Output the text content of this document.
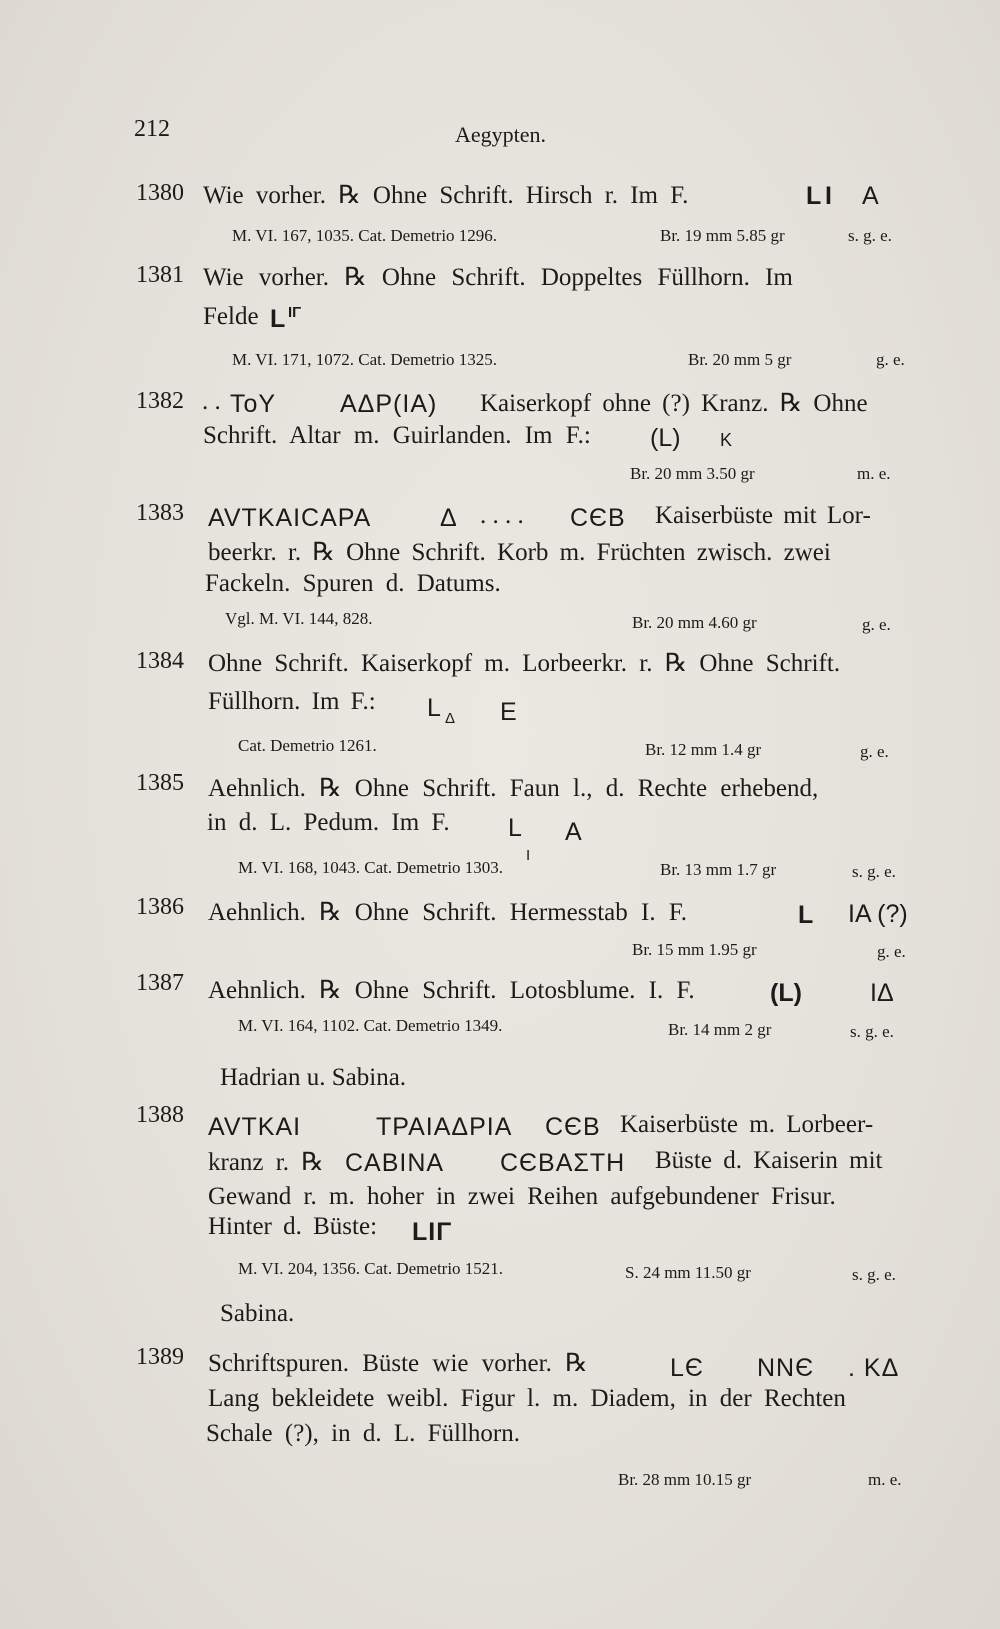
212	Aegypten.
1380 Wie vorher. ℞ Ohne Schrift. Hirsch r. Im F.	L I A
M. VI. 167, 1035. Cat. Demetrio 1296.	Br. 19 mm 5.85 gr	s. g. e.
1381 Wie vorher. ℞ Ohne Schrift. Doppeltes Füllhorn. Im
Felde L IΓ
M. VI. 171, 1072. Cat. Demetrio 1325.	Br. 20 mm 5 gr	g. e.
1382 . . ToY	AΔP(IA) Kaiserkopf ohne (?) Kranz. ℞ Ohne
Schrift. Altar m. Guirlanden. Im F.: (L) K
Br. 20 mm 3.50 gr	m. e.
1383 AVTKAICAPA	Δ . . . . CЄB Kaiserbüste mit Lor-
beerkr. r. ℞ Ohne Schrift. Korb m. Früchten zwisch. zwei
Fackeln. Spuren d. Datums.
Vgl. M. VI. 144, 828.	Br. 20 mm 4.60 gr	g. e.
1384 Ohne Schrift. Kaiserkopf m. Lorbeerkr. r. ℞ Ohne Schrift.
Füllhorn. Im F.: L Δ	E
Cat. Demetrio 1261.	Br. 12 mm 1.4 gr	g. e.
1385 Aehnlich. ℞ Ohne Schrift. Faun l., d. Rechte erhebend,
in d. L. Pedum. Im F. L
I
A
M. VI. 168, 1043. Cat. Demetrio 1303.	Br. 13 mm 1.7 gr	s. g. e.
1386 Aehnlich. ℞ Ohne Schrift. Hermesstab I. F.	L IA (?)
Br. 15 mm 1.95 gr	g. e.
1387 Aehnlich. ℞ Ohne Schrift. Lotosblume. I. F.	(L)	IΔ
M. VI. 164, 1102. Cat. Demetrio 1349.	Br. 14 mm 2 gr	s. g. e.
Hadrian u. Sabina.
1388 AVTKAI	TPAIAΔPIA CЄB Kaiserbüste m. Lorbeer-
kranz r. ℞ CABINA CЄBAΣTH Büste d. Kaiserin mit
Gewand r. m. hoher in zwei Reihen aufgebundener Frisur.
Hinter d. Büste: LIΓ
M. VI. 204, 1356. Cat. Demetrio 1521.	S. 24 mm 11.50 gr	s. g. e.
Sabina.
1389 Schriftspuren. Büste wie vorher. ℞	LЄ NNЄ . KΔ
Lang bekleidete weibl. Figur l. m. Diadem, in der Rechten
Schale (?), in d. L. Füllhorn.
Br. 28 mm 10.15 gr	m. e.
